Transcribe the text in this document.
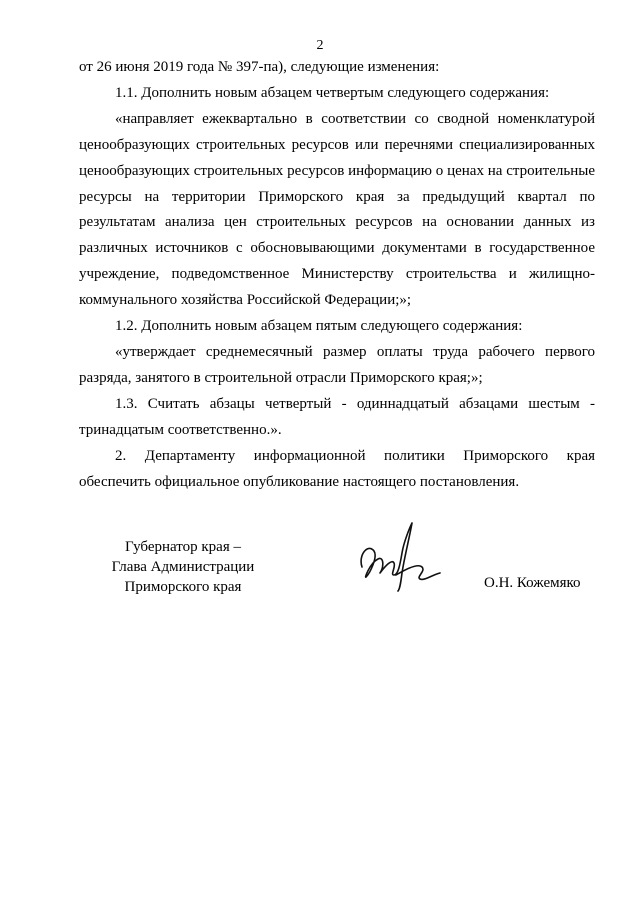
2

от 26 июня 2019 года № 397-па), следующие изменения:

1.1. Дополнить новым абзацем четвертым следующего содержания:

«направляет ежеквартально в соответствии со сводной номенклатурой ценообразующих строительных ресурсов или перечнями специализированных ценообразующих строительных ресурсов информацию о ценах на строительные ресурсы на территории Приморского края за предыдущий квартал по результатам анализа цен строительных ресурсов на основании данных из различных источников с обосновывающими документами в государственное учреждение, подведомственное Министерству строительства и жилищно-коммунального хозяйства Российской Федерации;»;

1.2. Дополнить новым абзацем пятым следующего содержания:

«утверждает среднемесячный размер оплаты труда рабочего первого разряда, занятого в строительной отрасли Приморского края;»;

1.3. Считать абзацы четвертый - одиннадцатый абзацами шестым - тринадцатым соответственно.».

2. Департаменту информационной политики Приморского края обеспечить официальное опубликование настоящего постановления.

Губернатор края –
Глава Администрации
Приморского края	О.Н. Кожемяко
